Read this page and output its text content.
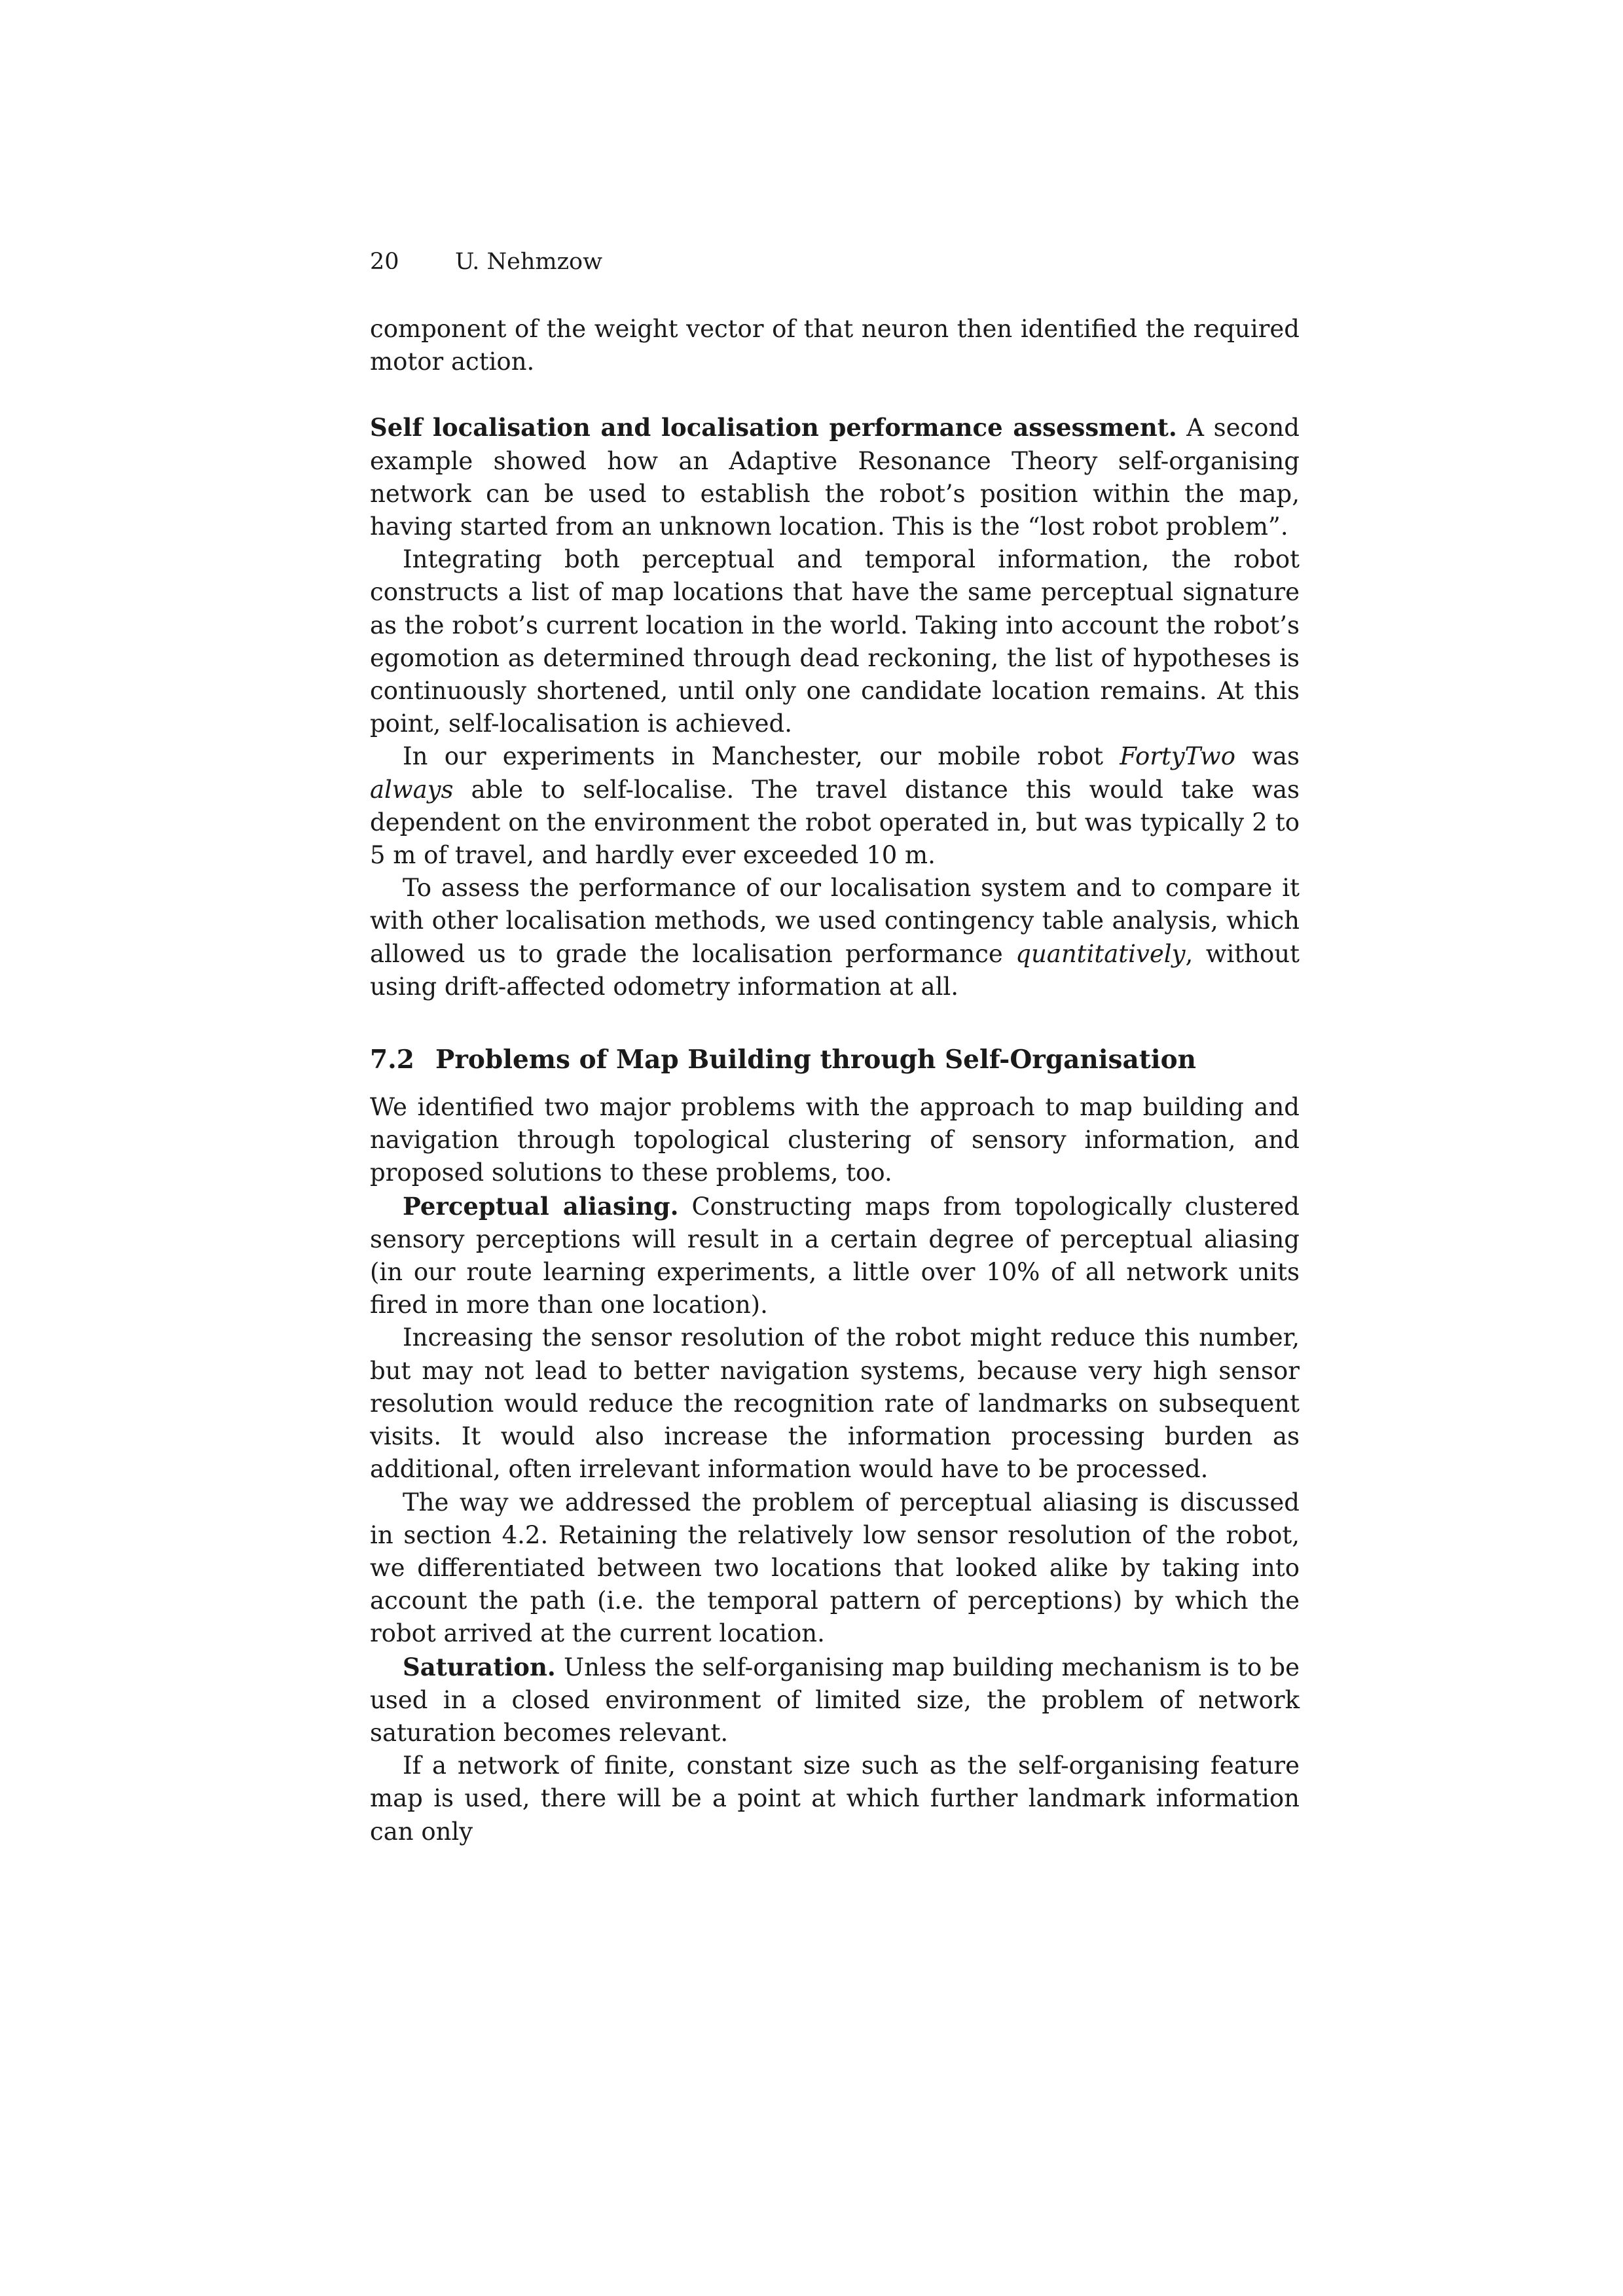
20 U. Nehmzow

component of the weight vector of that neuron then identified the required motor action.

Self localisation and localisation performance assessment. A second example showed how an Adaptive Resonance Theory self-organising network can be used to establish the robot’s position within the map, having started from an unknown location. This is the “lost robot problem”.

Integrating both perceptual and temporal information, the robot constructs a list of map locations that have the same perceptual signature as the robot’s current location in the world. Taking into account the robot’s egomotion as determined through dead reckoning, the list of hypotheses is continuously shortened, until only one candidate location remains. At this point, self-localisation is achieved.

In our experiments in Manchester, our mobile robot FortyTwo was always able to self-localise. The travel distance this would take was dependent on the environment the robot operated in, but was typically 2 to 5 m of travel, and hardly ever exceeded 10 m.

To assess the performance of our localisation system and to compare it with other localisation methods, we used contingency table analysis, which allowed us to grade the localisation performance quantitatively, without using drift-affected odometry information at all.

7.2 Problems of Map Building through Self-Organisation

We identified two major problems with the approach to map building and navigation through topological clustering of sensory information, and proposed solutions to these problems, too.

Perceptual aliasing. Constructing maps from topologically clustered sensory perceptions will result in a certain degree of perceptual aliasing (in our route learning experiments, a little over 10% of all network units fired in more than one location).

Increasing the sensor resolution of the robot might reduce this number, but may not lead to better navigation systems, because very high sensor resolution would reduce the recognition rate of landmarks on subsequent visits. It would also increase the information processing burden as additional, often irrelevant information would have to be processed.

The way we addressed the problem of perceptual aliasing is discussed in section 4.2. Retaining the relatively low sensor resolution of the robot, we differentiated between two locations that looked alike by taking into account the path (i.e. the temporal pattern of perceptions) by which the robot arrived at the current location.

Saturation. Unless the self-organising map building mechanism is to be used in a closed environment of limited size, the problem of network saturation becomes relevant.

If a network of finite, constant size such as the self-organising feature map is used, there will be a point at which further landmark information can only
